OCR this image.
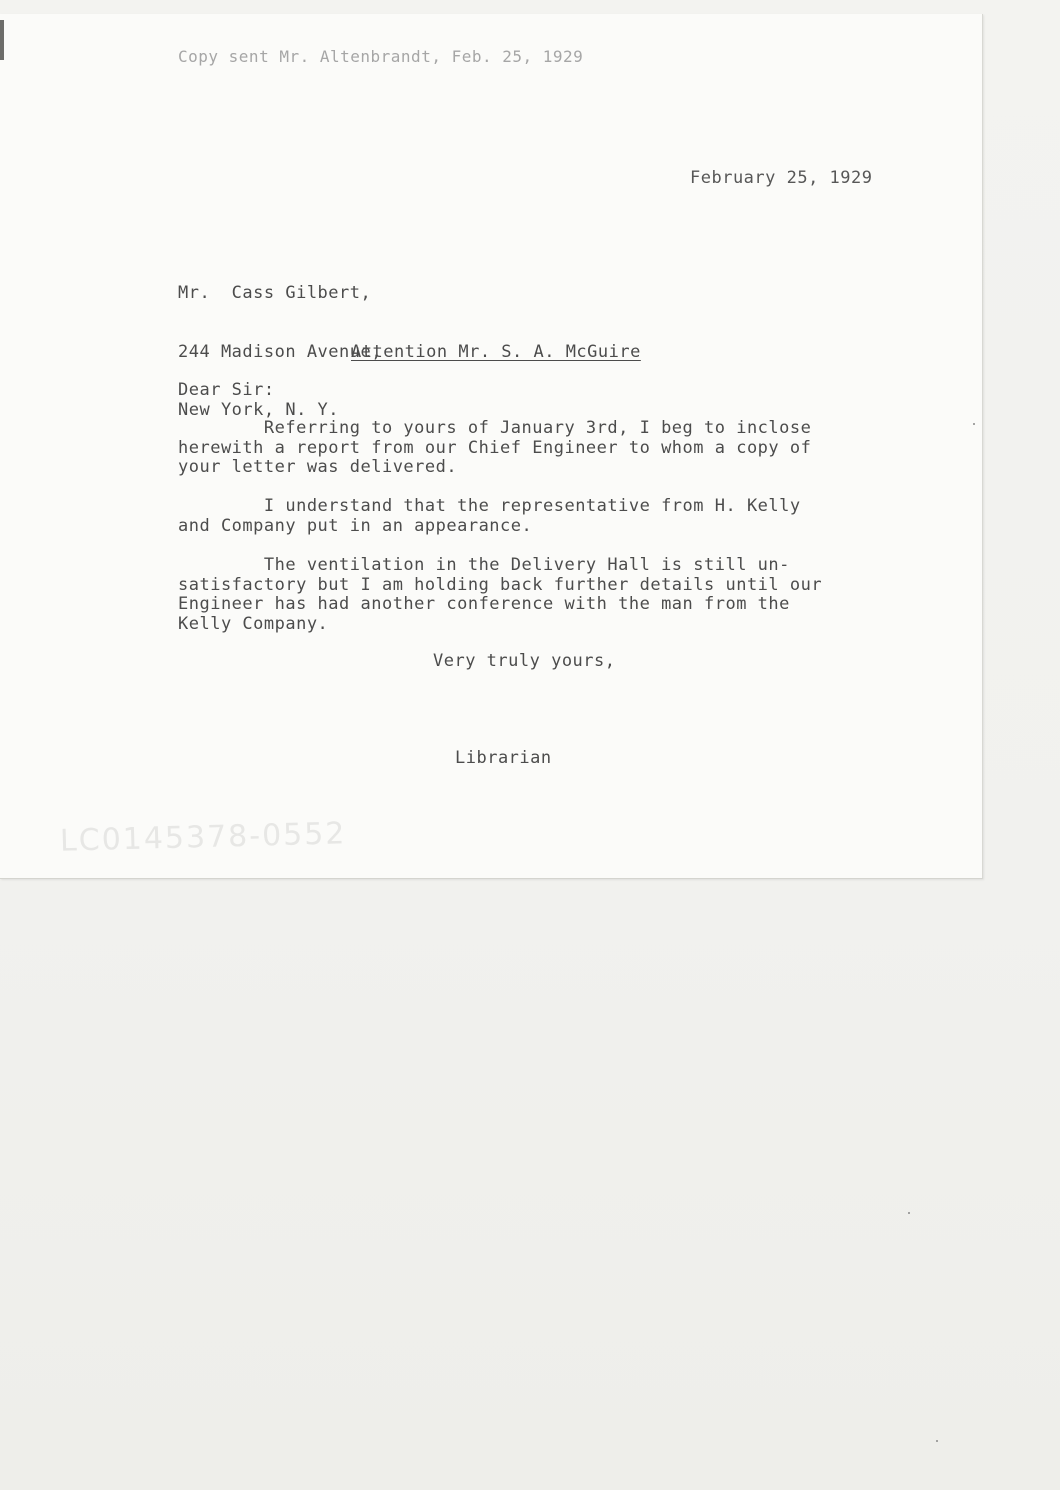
Copy sent Mr. Altenbrandt, Feb. 25, 1929
February 25, 1929

Mr.  Cass Gilbert,

244 Madison Avenue,

New York, N. Y.

Attention Mr. S. A. McGuire
Dear Sir:
Referring to yours of January 3rd, I beg to inclose
herewith a report from our Chief Engineer to whom a copy of
your letter was delivered.
I understand that the representative from H. Kelly
and Company put in an appearance.
The ventilation in the Delivery Hall is still un-
satisfactory but I am holding back further details until our
Engineer has had another conference with the man from the
Kelly Company.
Very truly yours,
Librarian
LC0145378-0552
